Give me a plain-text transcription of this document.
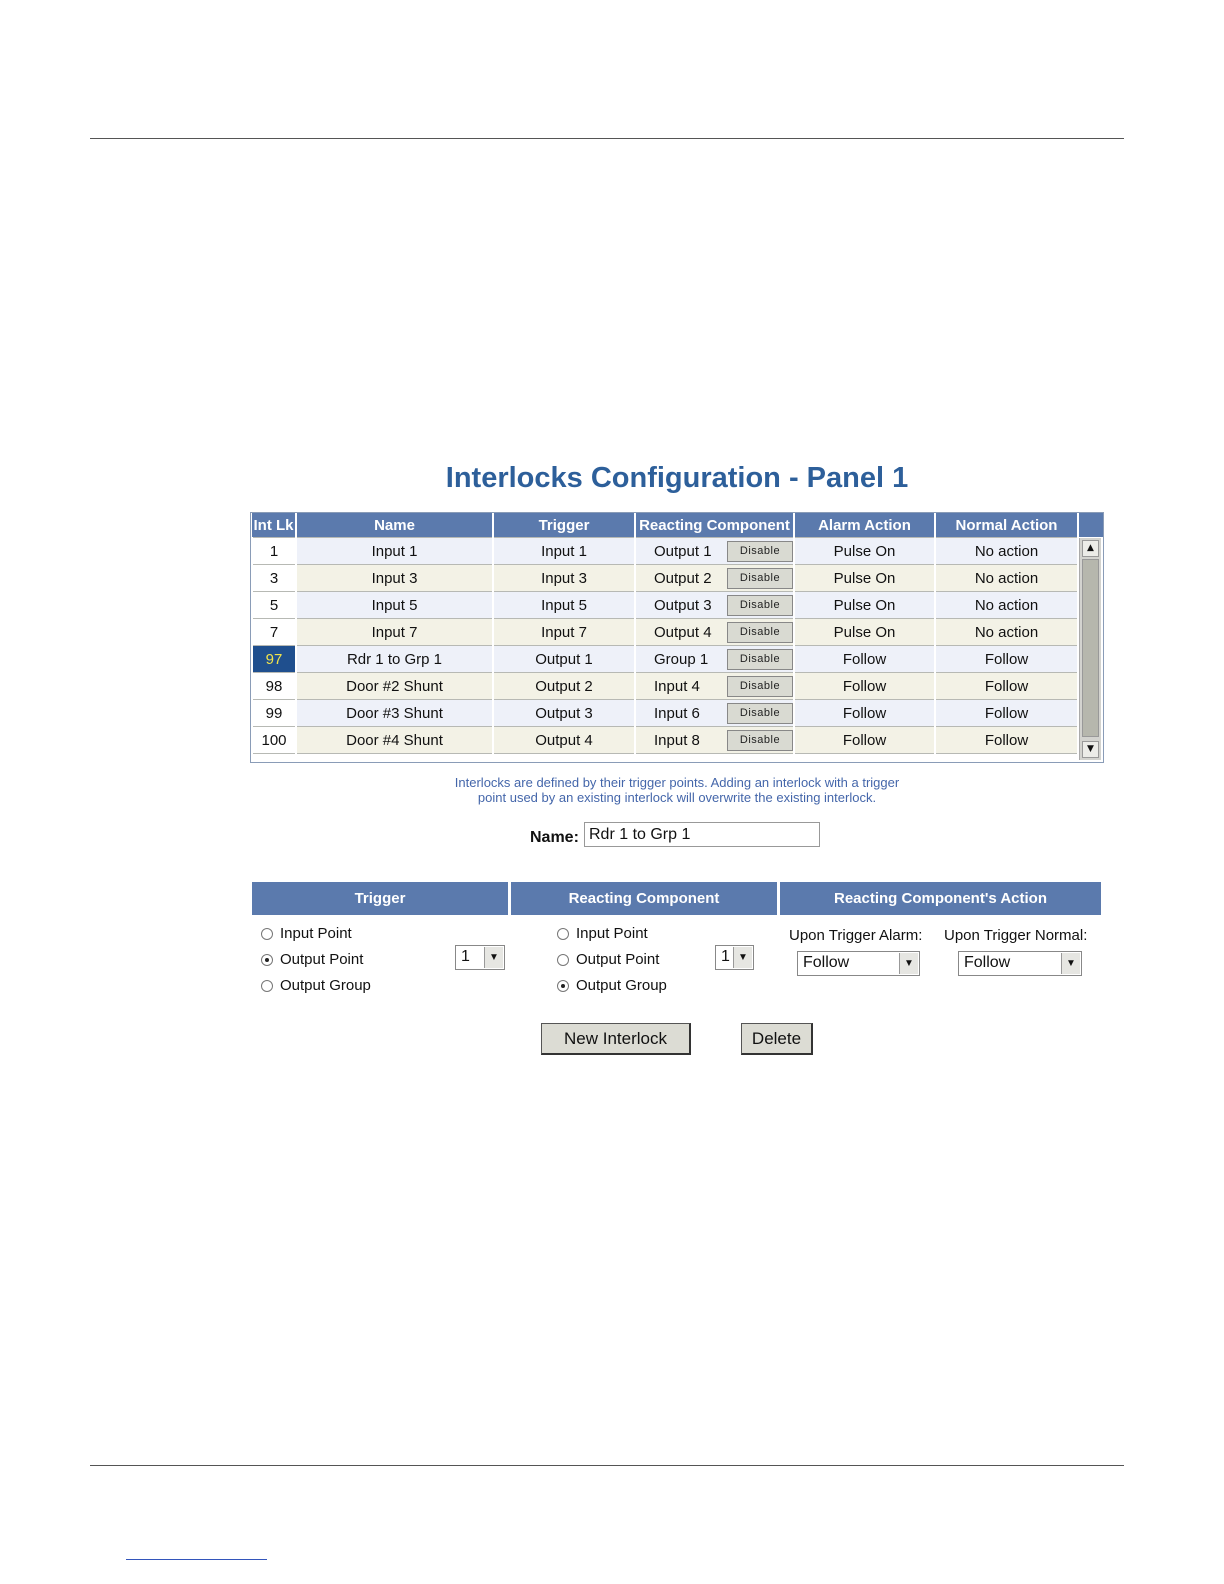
Interlocks Configuration - Panel 1
Int Lk	Name	Trigger	Reacting Component	Alarm Action	Normal Action
1	Input 1	Input 1	Output 1 Disable	Pulse On	No action
3	Input 3	Input 3	Output 2 Disable	Pulse On	No action
5	Input 5	Input 5	Output 3 Disable	Pulse On	No action
7	Input 7	Input 7	Output 4 Disable	Pulse On	No action
97	Rdr 1 to Grp 1	Output 1	Group 1 Disable	Follow	Follow
98	Door #2 Shunt	Output 2	Input 4 Disable	Follow	Follow
99	Door #3 Shunt	Output 3	Input 6 Disable	Follow	Follow
100	Door #4 Shunt	Output 4	Input 8 Disable	Follow	Follow
▲
▼
Interlocks are defined by their trigger points. Adding an interlock with a trigger
point used by an existing interlock will overwrite the existing interlock.
Name:
Rdr 1 to Grp 1
Trigger	Reacting Component	Reacting Component's Action
Input Point
Output Point
Output Group
1	▼
Input Point
Output Point
Output Group
1 ▼
Upon Trigger Alarm: Upon Trigger Normal:
Follow	▼	Follow	▼
New Interlock	Delete
